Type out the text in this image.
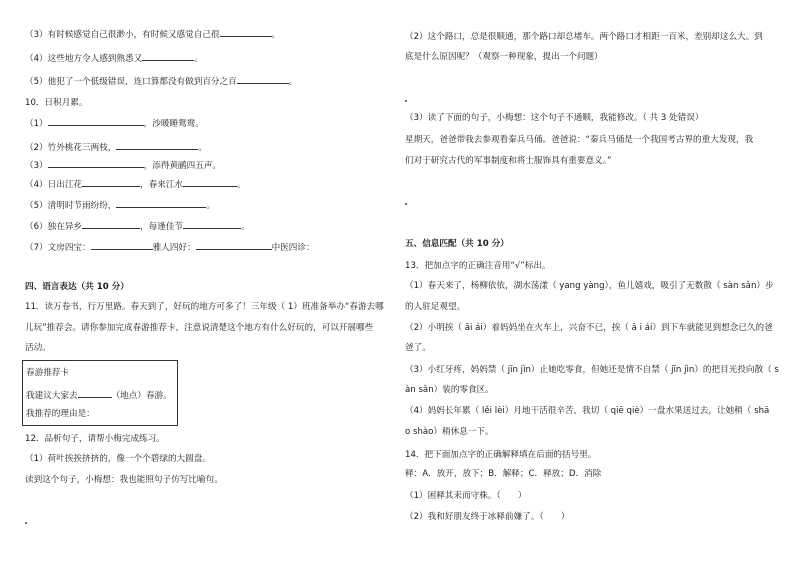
（3）有时候感觉自己很渺小，有时候又感觉自己很	。
（4）这些地方令人感到熟悉又	。
（5）他犯了一个低级错误，连口算都没有做到百分之百	。
10．日积月累。
（1）	，沙暖睡鸳鸯。
（2）竹外桃花三两枝，	。
（3）	，添得黄鹂四五声。
（4）日出江花	，春来江水	。
（5）清明时节雨纷纷，	。
（6）独在异乡	，每逢佳节	。
（7）文房四宝：	雅人四好：	中医四诊：
四、语言表达（共 10 分）
11．读万卷书，行万里路。春天到了，好玩的地方可多了！三年级（ 1）班准备举办“春游去哪
儿玩”推荐会。请你参加完成春游推荐卡，注意说清楚这个地方有什么好玩的，可以开展哪些
活动。
春游推荐卡
我建议大家去	（地点）春游。
我推荐的理由是：
12．品析句子，请帮小梅完成练习。
（1）荷叶挨挨挤挤的，像一个个碧绿的大圆盘。
读到这个句子，小梅想：我也能照句子仿写比喻句。
（2）这个路口，总是很顺通，那个路口却总堵车。两个路口才相距一百米，差别却这么大。到
底是什么原因呢？（观察一种现象，提出一个问题）
（3）读了下面的句子，小梅想：这个句子不通顺，我能修改。（ 共 3 处错误）
星期天，爸爸带我去参观看秦兵马俑。爸爸说：“秦兵马俑是一个我国考古界的重大发现，我
们对于研究古代的军事制度和将士服饰具有重要意义。”
五、信息匹配（共 10 分）
13．把加点字的正确注音用“√”标出。
（1）春天来了，杨柳依依，湖水荡漾（ yang yàng），鱼儿嬉戏，吸引了无数散（ sàn sǎn）步
的人驻足观望。
（2）小明挨（ āi ái）着妈妈坐在火车上，兴奋不已，挨（ ā i ái）到下车就能见到想念已久的爸
爸了。
（3）小红牙疼，妈妈禁（ jīn jìn）止她吃零食，但她还是情不自禁（ jīn jìn）的把目光投向散（ s
àn sǎn）装的零食区。
（4）妈妈长年累（ lěi lèi）月地干活很辛苦，我切（ qiē qiè）一盘水果送过去，让她稍（ shā
o shào）稍休息一下。
14．把下面加点字的正确解释填在后面的括号里。
释：A．放开，放下；B．解释；C．释放；D．消除
（1）困释其耒而守株。（　　）
（2）我和好朋友终于冰释前嫌了。（　　）
